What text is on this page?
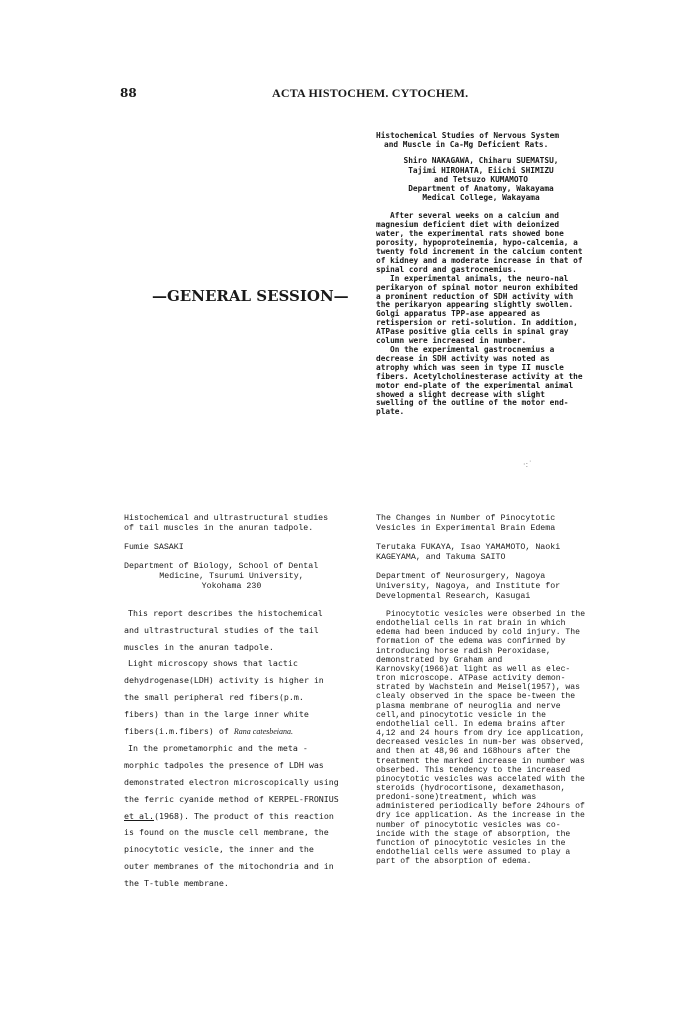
88	ACTA HISTOCHEM. CYTOCHEM.
—GENERAL SESSION—
Histochemical Studies of Nervous System
and Muscle in Ca-Mg Deficient Rats.
Shiro NAKAGAWA, Chiharu SUEMATSU,
Tajimi HIROHATA, Eiichi SHIMIZU
and Tetsuzo KUMAMOTO
Department of Anatomy, Wakayama
Medical College, Wakayama

After several weeks on a calcium and magnesium deficient diet with deionized water, the experimental rats showed bone porosity, hypoproteinemia, hypo-calcemia, a twenty fold increment in the calcium content of kidney and a moderate increase in that of spinal cord and gastrocnemius.

In experimental animals, the neuro-nal perikaryon of spinal motor neuron exhibited a prominent reduction of SDH activity with the perikaryon appearing slightly swollen. Golgi apparatus TPP-ase appeared as retispersion or reti-solution. In addition, ATPase positive glia cells in spinal gray column were increased in number.

On the experimental gastrocnemius a decrease in SDH activity was noted as atrophy which was seen in type II muscle fibers. Acetylcholinesterase activity at the motor end-plate of the experimental animal showed a slight decrease with slight swelling of the outline of the motor end-plate.

·:˙
Histochemical and ultrastructural studies of tail muscles in the anuran tadpole.
Fumie SASAKI
Department of Biology, School of Dental
Medicine, Tsurumi University,
Yokohama 230

This report describes the histochemical and ultrastructural studies of the tail muscles in the anuran tadpole.

Light microscopy shows that lactic dehydrogenase(LDH) activity is higher in the small peripheral red fibers(p.m. fibers) than in the large inner white fibers(i.m.fibers) of Rana catesbeiana.

In the prometamorphic and the meta -morphic tadpoles the presence of LDH was demonstrated electron microscopically using the ferric cyanide method of KERPEL-FRONIUS et al.(1968). The product of this reaction is found on the muscle cell membrane, the pinocytotic vesicle, the inner and the outer membranes of the mitochondria and in the T-tuble membrane.

The Changes in Number of Pinocytotic Vesicles in Experimental Brain Edema
Terutaka FUKAYA, Isao YAMAMOTO, Naoki KAGEYAMA, and Takuma SAITO
Department of Neurosurgery, Nagoya University, Nagoya, and Institute for Developmental Research, Kasugai

Pinocytotic vesicles were obserbed in the endothelial cells in rat brain in which edema had been induced by cold injury. The formation of the edema was confirmed by introducing horse radish Peroxidase, demonstrated by Graham and Karnovsky(1966)at light as well as elec-tron microscope. ATPase activity demon-strated by Wachstein and Meisel(1957), was clealy observed in the space be-tween the plasma membrane of neuroglia and nerve cell,and pinocytotic vesicle in the endothelial cell. In edema brains after 4,12 and 24 hours from dry ice application, decreased vesicles in num-ber was observed, and then at 48,96 and 168hours after the treatment the marked increase in number was obserbed. This tendency to the increased pinocytotic vesicles was accelated with the steroids (hydrocortisone, dexamethason, predoni-sone)treatment, which was administered periodically before 24hours of dry ice application. As the increase in the number of pinocytotic vesicles was co-incide with the stage of absorption, the function of pinocytotic vesicles in the endothelial cells were assumed to play a part of the absorption of edema.
